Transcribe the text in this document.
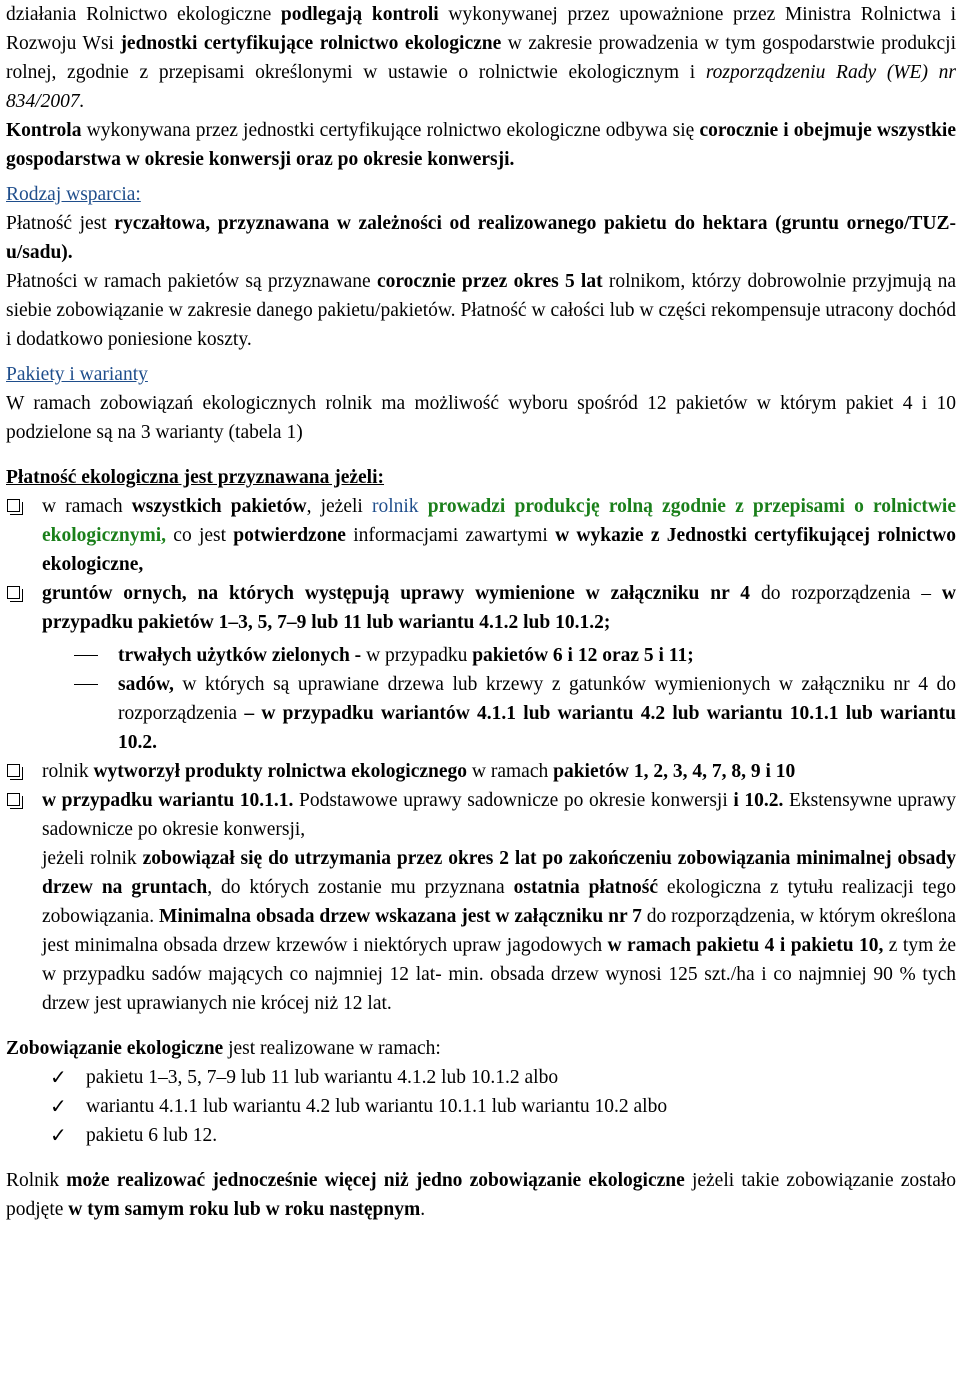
działania Rolnictwo ekologiczne podlegają kontroli wykonywanej przez upoważnione przez Ministra Rolnictwa i Rozwoju Wsi jednostki certyfikujące rolnictwo ekologiczne w zakresie prowadzenia w tym gospodarstwie produkcji rolnej, zgodnie z przepisami określonymi w ustawie o rolnictwie ekologicznym i rozporządzeniu Rady (WE) nr 834/2007.

Kontrola wykonywana przez jednostki certyfikujące rolnictwo ekologiczne odbywa się corocznie i obejmuje wszystkie gospodarstwa w okresie konwersji oraz po okresie konwersji.

Rodzaj wsparcia:

Płatność jest ryczałtowa, przyznawana w zależności od realizowanego pakietu do hektara (gruntu ornego/TUZ-u/sadu).

Płatności w ramach pakietów są przyznawane corocznie przez okres 5 lat rolnikom, którzy dobrowolnie przyjmują na siebie zobowiązanie w zakresie danego pakietu/pakietów. Płatność w całości lub w części rekompensuje utracony dochód i dodatkowo poniesione koszty.

Pakiety i warianty

W ramach zobowiązań ekologicznych rolnik ma możliwość wyboru spośród 12 pakietów w którym pakiet 4 i 10 podzielone są na 3 warianty (tabela 1)

Płatność ekologiczna jest przyznawana jeżeli:

w ramach wszystkich pakietów, jeżeli rolnik prowadzi produkcję rolną zgodnie z przepisami o rolnictwie ekologicznymi, co jest potwierdzone informacjami zawartymi w wykazie z Jednostki certyfikującej rolnictwo ekologiczne,
gruntów ornych, na których występują uprawy wymienione w załączniku nr 4 do rozporządzenia – w przypadku pakietów 1–3, 5, 7–9 lub 11 lub wariantu 4.1.2 lub 10.1.2;
trwałych użytków zielonych - w przypadku pakietów 6 i 12 oraz 5 i 11;
sadów, w których są uprawiane drzewa lub krzewy z gatunków wymienionych w załączniku nr 4 do rozporządzenia – w przypadku wariantów 4.1.1 lub wariantu 4.2 lub wariantu 10.1.1 lub wariantu 10.2.
rolnik wytworzył produkty rolnictwa ekologicznego w ramach pakietów 1, 2, 3, 4, 7, 8, 9 i 10
w przypadku wariantu 10.1.1. Podstawowe uprawy sadownicze po okresie konwersji i 10.2. Ekstensywne uprawy sadownicze po okresie konwersji,
jeżeli rolnik zobowiązał się do utrzymania przez okres 2 lat po zakończeniu zobowiązania minimalnej obsady drzew na gruntach, do których zostanie mu przyznana ostatnia płatność ekologiczna z tytułu realizacji tego zobowiązania. Minimalna obsada drzew wskazana jest w załączniku nr 7 do rozporządzenia, w którym określona jest minimalna obsada drzew krzewów i niektórych upraw jagodowych w ramach pakietu 4 i pakietu 10, z tym że w przypadku sadów mających co najmniej 12 lat- min. obsada drzew wynosi 125 szt./ha i co najmniej 90 % tych drzew jest uprawianych nie krócej niż 12 lat.

Zobowiązanie ekologiczne jest realizowane w ramach:

✓ pakietu 1–3, 5, 7–9 lub 11 lub wariantu 4.1.2 lub 10.1.2 albo
✓ wariantu 4.1.1 lub wariantu 4.2 lub wariantu 10.1.1 lub wariantu 10.2 albo
✓ pakietu 6 lub 12.

Rolnik może realizować jednocześnie więcej niż jedno zobowiązanie ekologiczne jeżeli takie zobowiązanie zostało podjęte w tym samym roku lub w roku następnym.
